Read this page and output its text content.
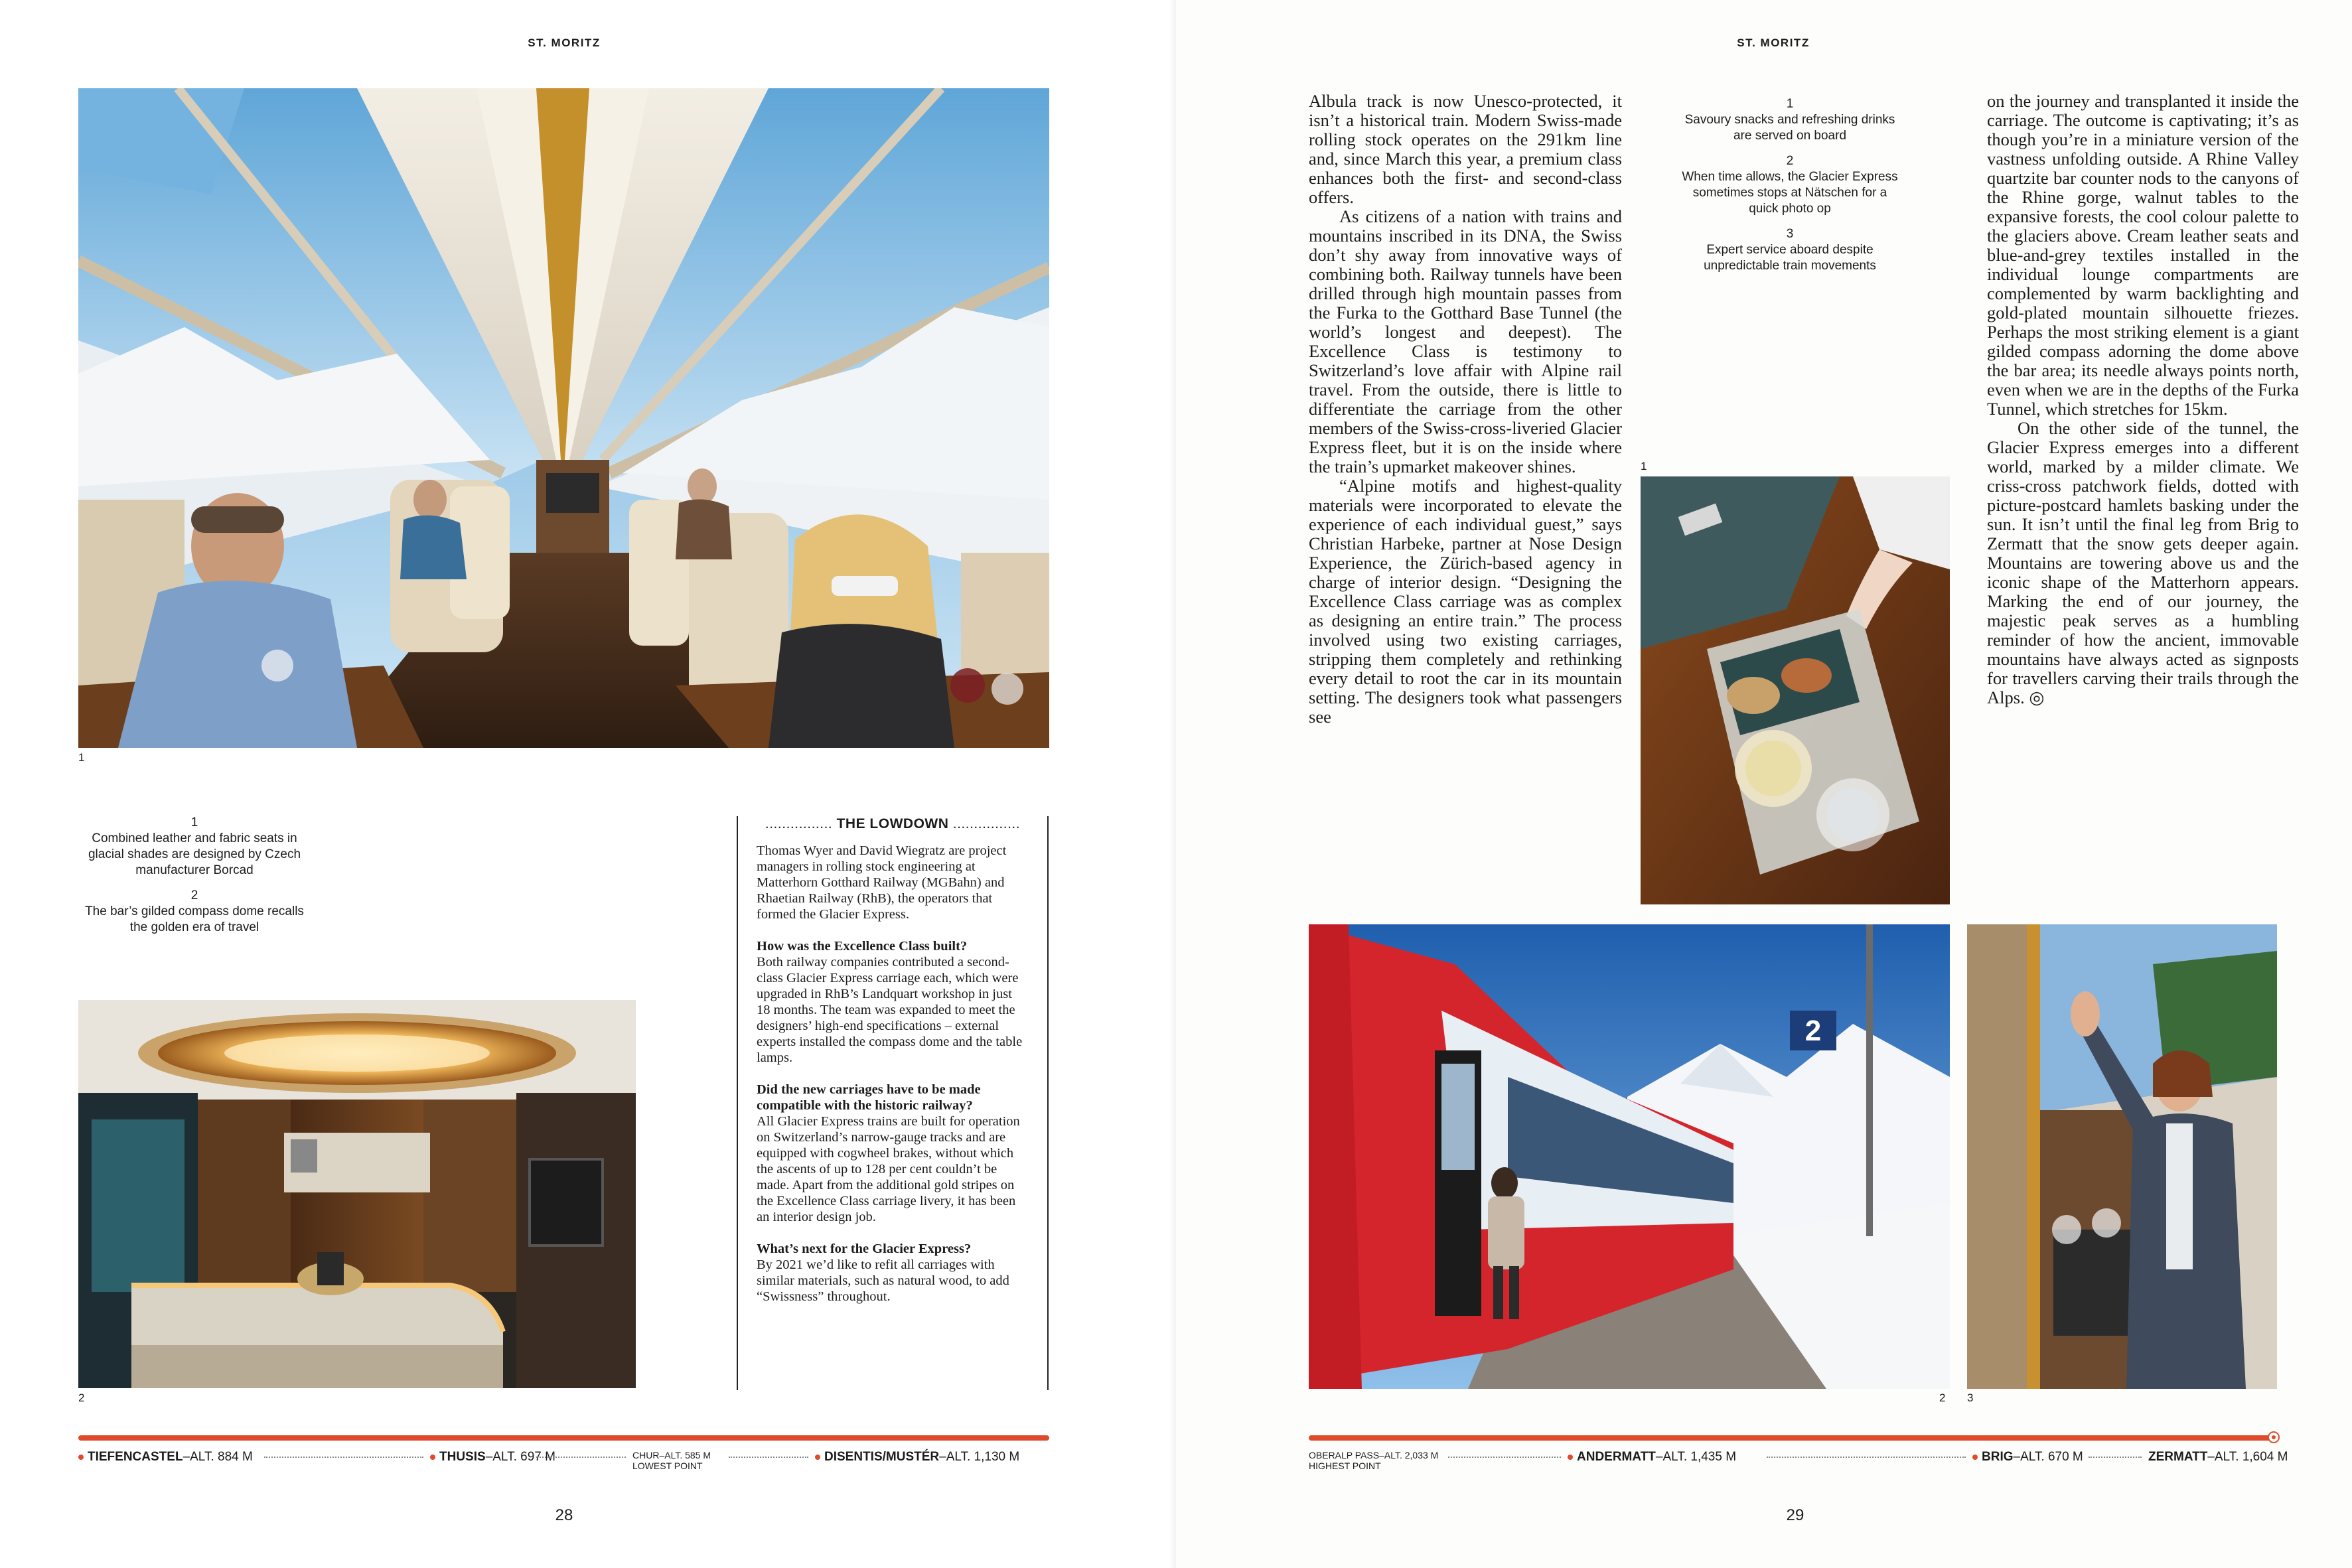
ST. MORITZ
1
1
Combined leather and fabric seats in glacial shades are designed by Czech manufacturer Borcad
2
The bar’s gilded compass dome recalls the golden era of travel
2
................ THE LOWDOWN ................

Thomas Wyer and David Wiegratz are project managers in rolling stock engineering at Matterhorn Gotthard Railway (MGBahn) and Rhaetian Railway (RhB), the operators that formed the Glacier Express.

How was the Excellence Class built?
Both railway companies contributed a second-class Glacier Express carriage each, which were upgraded in RhB’s Landquart workshop in just 18 months. The team was expanded to meet the designers’ high-end specifications – external experts installed the compass dome and the table lamps.

Did the new carriages have to be made compatible with the historic railway?
All Glacier Express trains are built for operation on Switzerland’s narrow-gauge tracks and are equipped with cogwheel brakes, without which the ascents of up to 128 per cent couldn’t be made. Apart from the additional gold stripes on the Excellence Class carriage livery, it has been an interior design job.

What’s next for the Glacier Express?
By 2021 we’d like to refit all carriages with similar materials, such as natural wood, to add “Swissness” throughout.

TIEFENCASTEL–ALT. 884 M	THUSIS–ALT. 697 M	CHUR–ALT. 585 M
LOWEST POINT
DISENTIS/MUSTÉR–ALT. 1,130 M
28
ST. MORITZ

Albula track is now Unesco-protected, it isn’t a historical train. Modern Swiss-made rolling stock operates on the 291km line and, since March this year, a premium class enhances both the first- and second-class offers.

As citizens of a nation with trains and mountains inscribed in its DNA, the Swiss don’t shy away from innovative ways of combining both. Railway tunnels have been drilled through high mountain passes from the Furka to the Gotthard Base Tunnel (the world’s longest and deepest). The Excellence Class is testimony to Switzerland’s love affair with Alpine rail travel. From the outside, there is little to differentiate the carriage from the other members of the Swiss-cross-liveried Glacier Express fleet, but it is on the inside where the train’s upmarket makeover shines.

“Alpine motifs and highest-quality materials were incorporated to elevate the experience of each individual guest,” says Christian Harbeke, partner at Nose Design Experience, the Zürich-based agency in charge of interior design. “Designing the Excellence Class carriage was as complex as designing an entire train.” The process involved using two existing carriages, stripping them completely and rethinking every detail to root the car in its mountain setting. The designers took what passengers see

1
Savoury snacks and refreshing drinks are served on board
2
When time allows, the Glacier Express sometimes stops at Nätschen for a quick photo op
3
Expert service aboard despite unpredictable train movements
1

on the journey and transplanted it inside the carriage. The outcome is captivating; it’s as though you’re in a miniature version of the vastness unfolding outside. A Rhine Valley quartzite bar counter nods to the canyons of the Rhine gorge, walnut tables to the expansive forests, the cool colour palette to the glaciers above. Cream leather seats and blue-and-grey textiles installed in the individual lounge compartments are complemented by warm backlighting and gold-plated mountain silhouette friezes. Perhaps the most striking element is a giant gilded compass adorning the dome above the bar area; its needle always points north, even when we are in the depths of the Furka Tunnel, which stretches for 15km.

On the other side of the tunnel, the Glacier Express emerges into a different world, marked by a milder climate. We criss-cross patchwork fields, dotted with picture-postcard hamlets basking under the sun. It isn’t until the final leg from Brig to Zermatt that the snow gets deeper again. Mountains are towering above us and the iconic shape of the Matterhorn appears. Marking the end of our journey, the majestic peak serves as a humbling reminder of how the ancient, immovable mountains have always acted as signposts for travellers carving their trails through the Alps. ◎

2
2 3
OBERALP PASS–ALT. 2,033 M
HIGHEST POINT
ANDERMATT–ALT. 1,435 M	BRIG–ALT. 670 M	ZERMATT–ALT. 1,604 M
29
